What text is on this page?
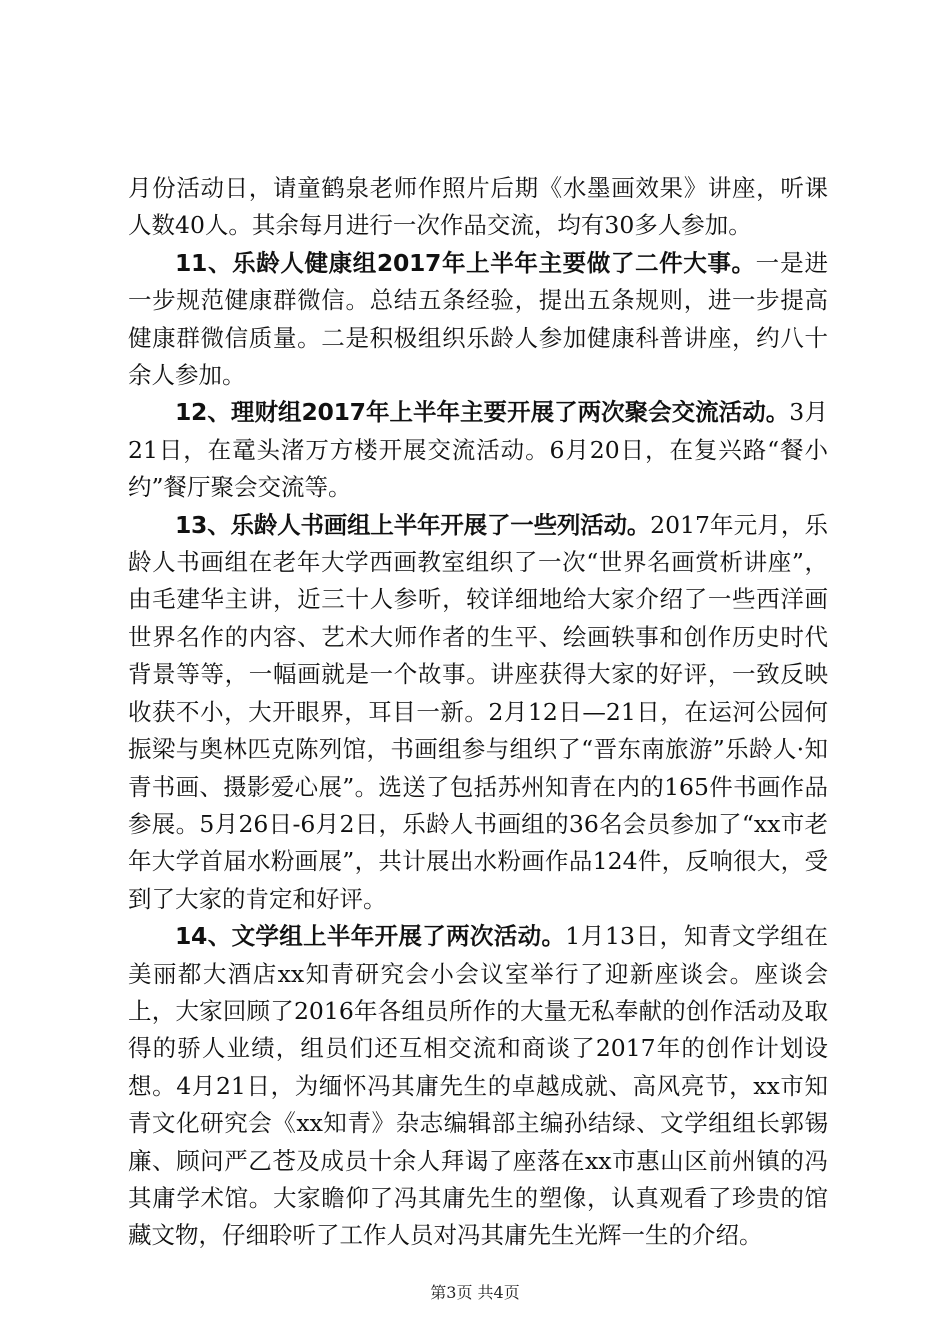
月份活动日，请童鹤泉老师作照片后期《水墨画效果》讲座，听课人数40人。其余每月进行一次作品交流，均有30多人参加。

11、乐龄人健康组2017年上半年主要做了二件大事。一是进一步规范健康群微信。总结五条经验，提出五条规则，进一步提高健康群微信质量。二是积极组织乐龄人参加健康科普讲座，约八十余人参加。

12、理财组2017年上半年主要开展了两次聚会交流活动。3月21日，在鼋头渚万方楼开展交流活动。6月20日，在复兴路“餐小约”餐厅聚会交流等。

13、乐龄人书画组上半年开展了一些列活动。2017年元月，乐龄人书画组在老年大学西画教室组织了一次“世界名画赏析讲座”，由毛建华主讲，近三十人参听，较详细地给大家介绍了一些西洋画世界名作的内容、艺术大师作者的生平、绘画轶事和创作历史时代背景等等，一幅画就是一个故事。讲座获得大家的好评，一致反映收获不小，大开眼界，耳目一新。2月12日—21日，在运河公园何振梁与奥林匹克陈列馆，书画组参与组织了“晋东南旅游”乐龄人·知青书画、摄影爱心展”。选送了包括苏州知青在内的165件书画作品参展。5月26日-6月2日，乐龄人书画组的36名会员参加了“xx市老年大学首届水粉画展”，共计展出水粉画作品124件，反响很大，受到了大家的肯定和好评。

14、文学组上半年开展了两次活动。1月13日，知青文学组在美丽都大酒店xx知青研究会小会议室举行了迎新座谈会。座谈会上，大家回顾了2016年各组员所作的大量无私奉献的创作活动及取得的骄人业绩，组员们还互相交流和商谈了2017年的创作计划设想。4月21日，为缅怀冯其庸先生的卓越成就、高风亮节，xx市知青文化研究会《xx知青》杂志编辑部主编孙结绿、文学组组长郭锡廉、顾问严乙苍及成员十余人拜谒了座落在xx市惠山区前州镇的冯其庸学术馆。大家瞻仰了冯其庸先生的塑像，认真观看了珍贵的馆藏文物，仔细聆听了工作人员对冯其庸先生光辉一生的介绍。

第3页 共4页
